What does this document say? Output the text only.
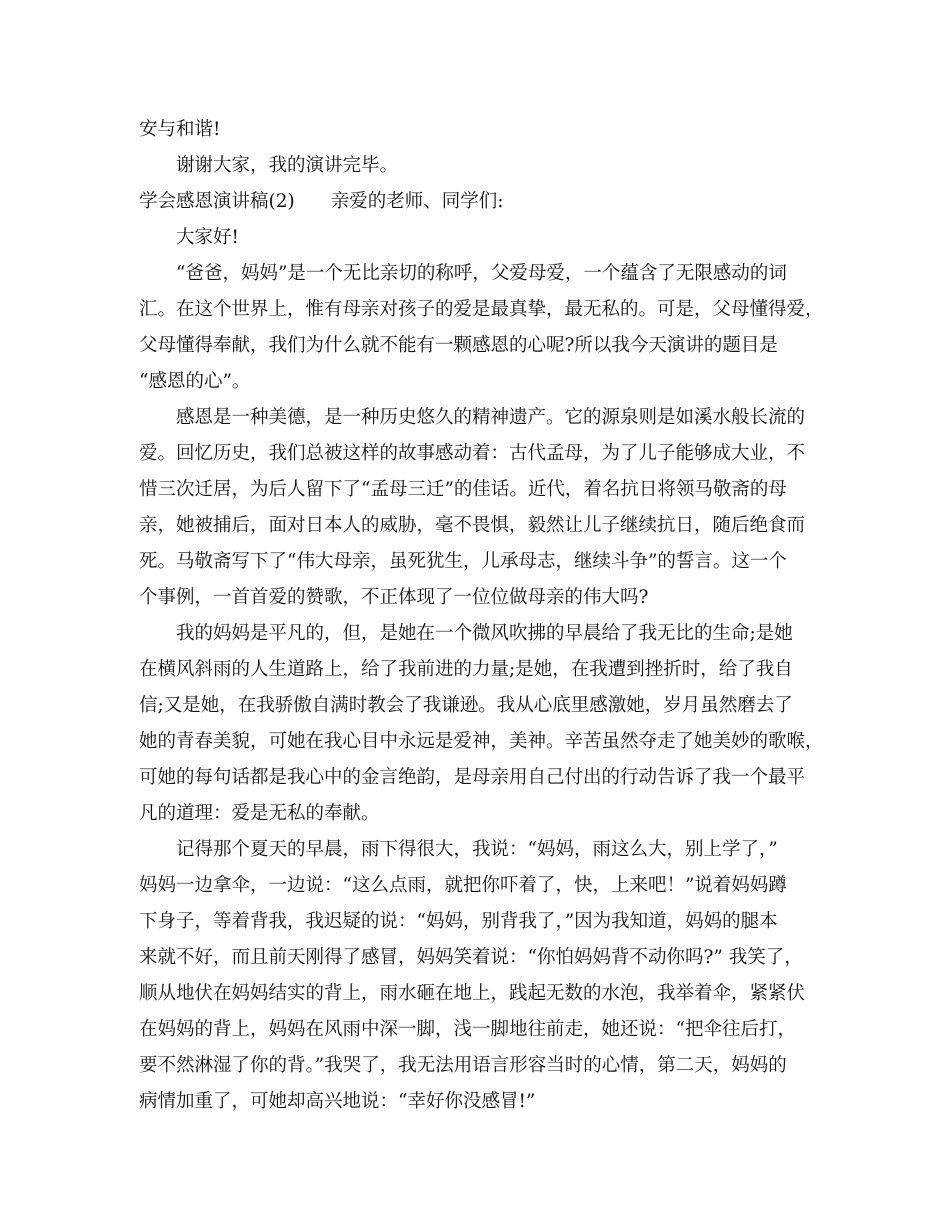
安与和谐!
谢谢大家，我的演讲完毕。
学会感恩演讲稿(2) 亲爱的老师、同学们:
大家好!
“爸爸，妈妈”是一个无比亲切的称呼，父爱母爱，一个蕴含了无限感动的词
汇。在这个世界上，惟有母亲对孩子的爱是最真挚，最无私的。可是，父母懂得爱，
父母懂得奉献，我们为什么就不能有一颗感恩的心呢?所以我今天演讲的题目是
“感恩的心”。
感恩是一种美德，是一种历史悠久的精神遗产。它的源泉则是如溪水般长流的
爱。回忆历史，我们总被这样的故事感动着：古代孟母，为了儿子能够成大业，不
惜三次迁居，为后人留下了“孟母三迁”的佳话。近代，着名抗日将领马敬斋的母
亲，她被捕后，面对日本人的威胁，毫不畏惧，毅然让儿子继续抗日，随后绝食而
死。马敬斋写下了“伟大母亲，虽死犹生，儿承母志，继续斗争”的誓言。这一个
个事例，一首首爱的赞歌，不正体现了一位位做母亲的伟大吗?
我的妈妈是平凡的，但，是她在一个微风吹拂的早晨给了我无比的生命;是她
在横风斜雨的人生道路上，给了我前进的力量;是她，在我遭到挫折时，给了我自
信;又是她，在我骄傲自满时教会了我谦逊。我从心底里感激她，岁月虽然磨去了
她的青春美貌，可她在我心目中永远是爱神，美神。辛苦虽然夺走了她美妙的歌喉，
可她的每句话都是我心中的金言绝韵，是母亲用自己付出的行动告诉了我一个最平
凡的道理：爱是无私的奉献。
记得那个夏天的早晨，雨下得很大，我说：“妈妈，雨这么大，别上学了，”
妈妈一边拿伞，一边说：“这么点雨，就把你吓着了，快，上来吧！”说着妈妈蹲
下身子，等着背我，我迟疑的说：“妈妈，别背我了，”因为我知道，妈妈的腿本
来就不好，而且前天刚得了感冒，妈妈笑着说：“你怕妈妈背不动你吗?” 我笑了，
顺从地伏在妈妈结实的背上，雨水砸在地上，践起无数的水泡，我举着伞，紧紧伏
在妈妈的背上，妈妈在风雨中深一脚，浅一脚地往前走，她还说：“把伞往后打，
要不然淋湿了你的背。”我哭了，我无法用语言形容当时的心情，第二天，妈妈的
病情加重了，可她却高兴地说：“幸好你没感冒!”
